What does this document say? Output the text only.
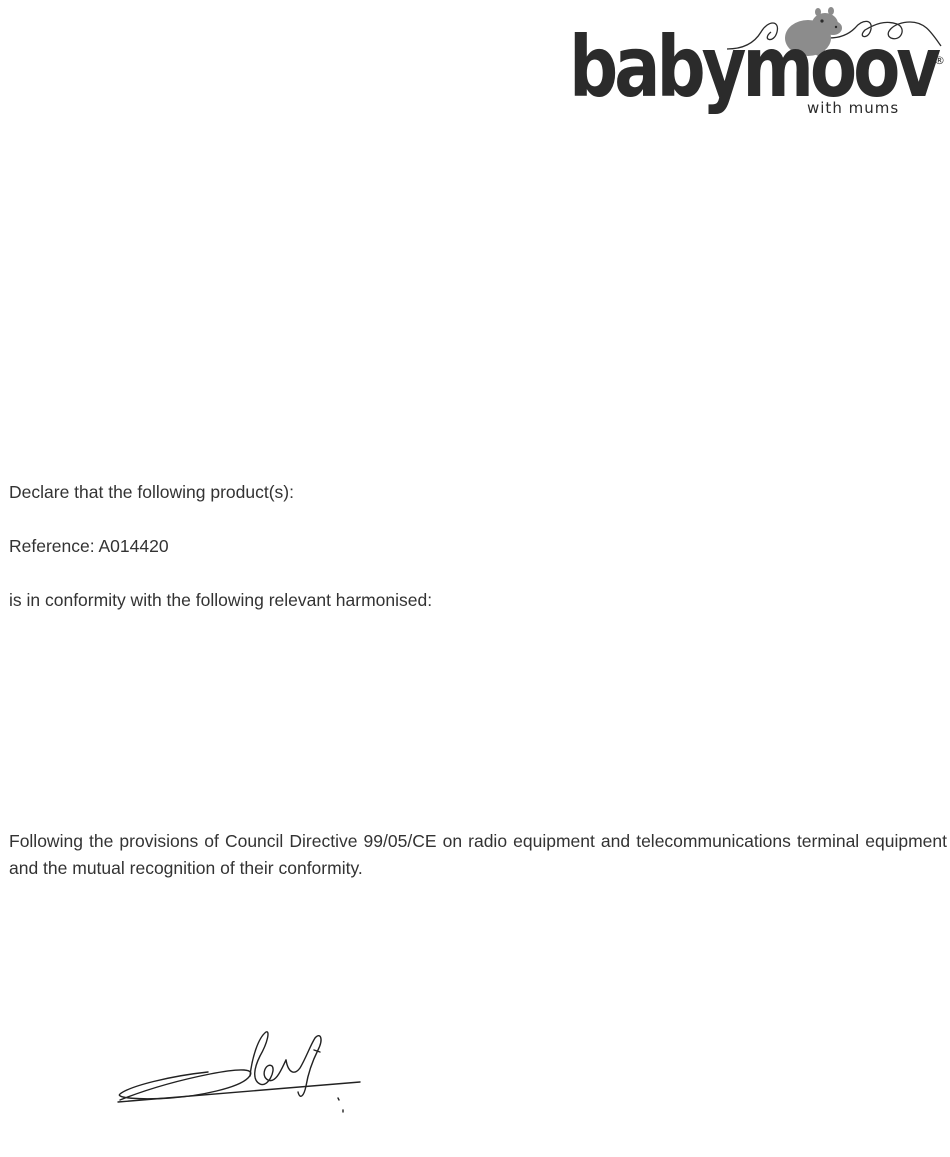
babymoov
®
with mums

Declare that the following product(s):

Reference: A014420

is in conformity with the following relevant harmonised:

Following the provisions of Council Directive 99/05/CE on radio equipment and telecommunications terminal equipment and the mutual recognition of their conformity.
